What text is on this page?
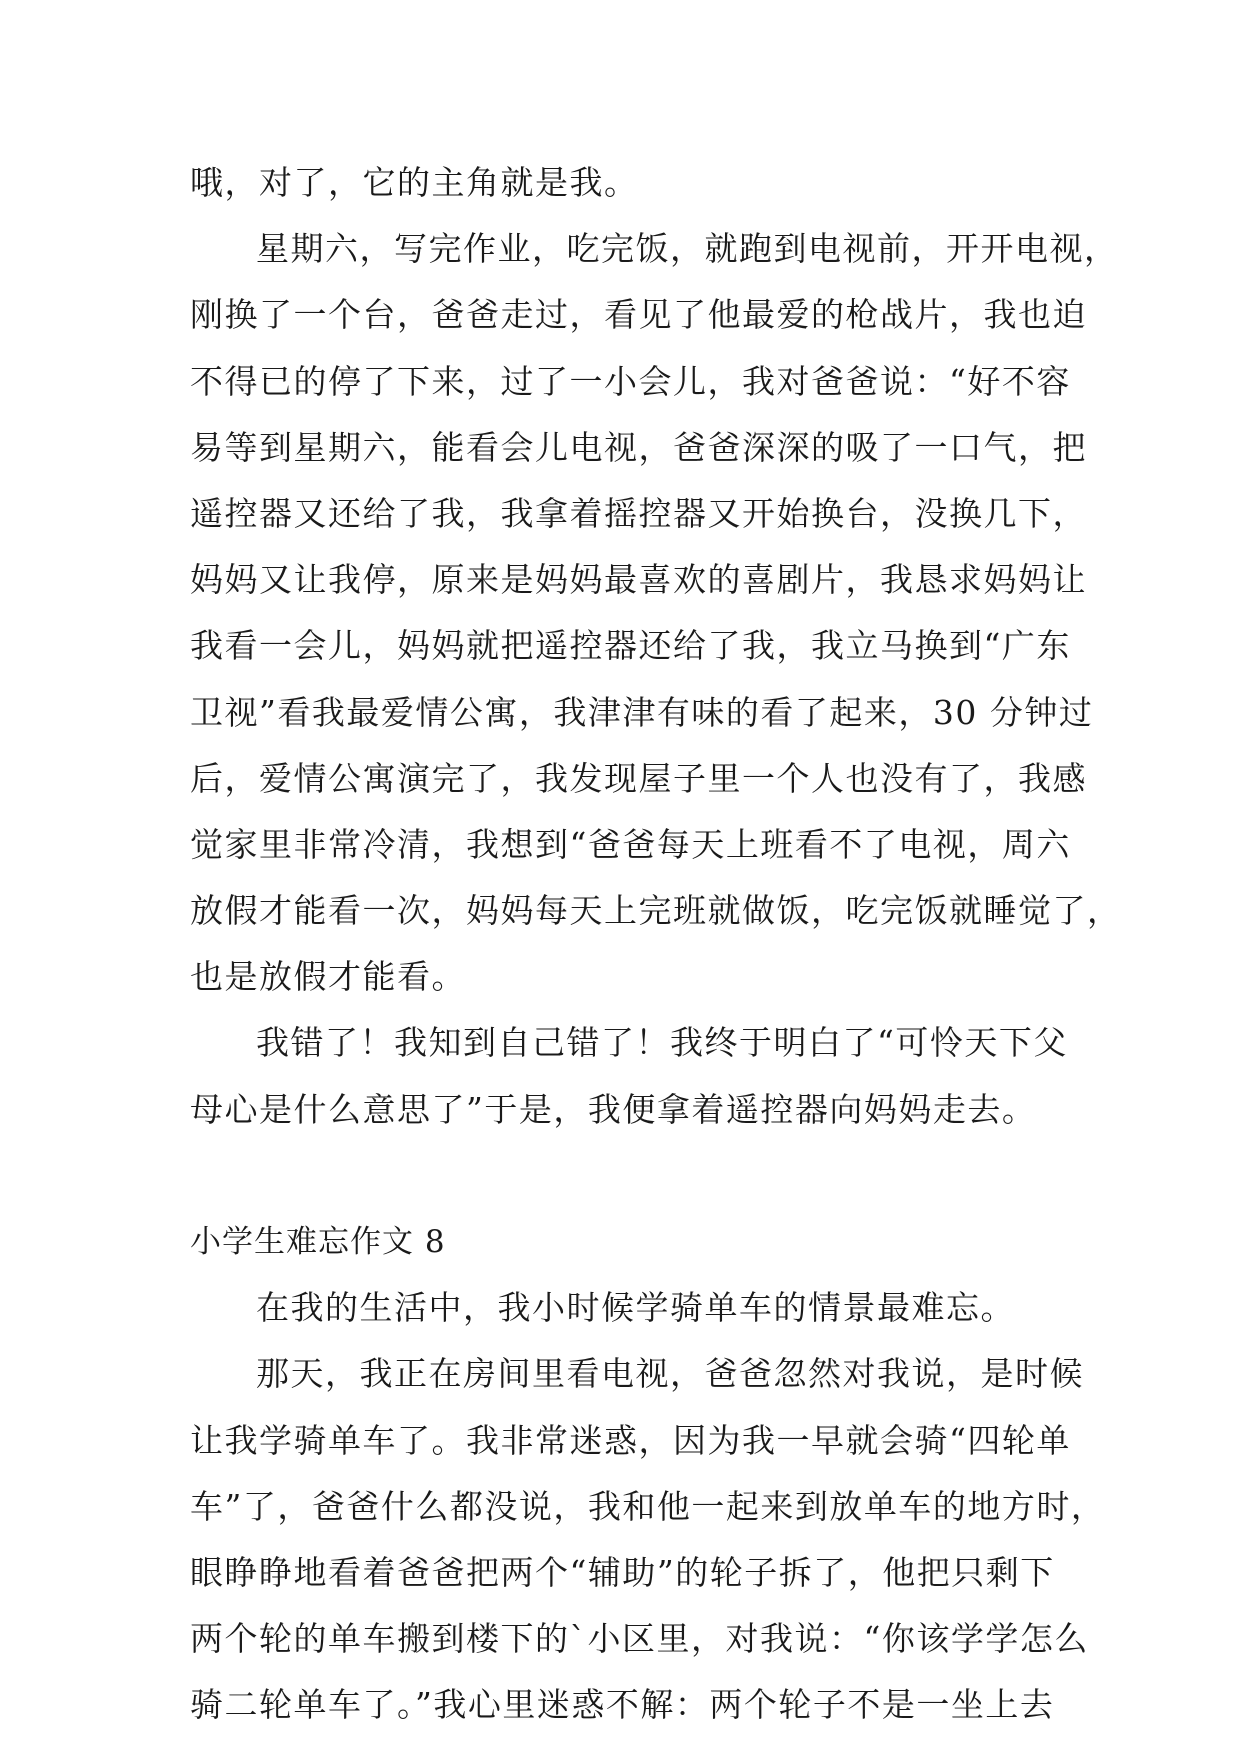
哦，对了，它的主角就是我。
星期六，写完作业，吃完饭，就跑到电视前，开开电视，
刚换了一个台，爸爸走过，看见了他最爱的枪战片，我也迫
不得已的停了下来，过了一小会儿，我对爸爸说：“好不容
易等到星期六，能看会儿电视，爸爸深深的吸了一口气，把
遥控器又还给了我，我拿着摇控器又开始换台，没换几下，
妈妈又让我停，原来是妈妈最喜欢的喜剧片，我恳求妈妈让
我看一会儿，妈妈就把遥控器还给了我，我立马换到“广东
卫视”看我最爱情公寓，我津津有味的看了起来，30 分钟过
后，爱情公寓演完了，我发现屋子里一个人也没有了，我感
觉家里非常冷清，我想到“爸爸每天上班看不了电视，周六
放假才能看一次，妈妈每天上完班就做饭，吃完饭就睡觉了，
也是放假才能看。
我错了！我知到自己错了！我终于明白了“可怜天下父
母心是什么意思了”于是，我便拿着遥控器向妈妈走去。
小学生难忘作文 8
在我的生活中，我小时候学骑单车的情景最难忘。
那天，我正在房间里看电视，爸爸忽然对我说，是时候
让我学骑单车了。我非常迷惑，因为我一早就会骑“四轮单
车”了，爸爸什么都没说，我和他一起来到放单车的地方时，
眼睁睁地看着爸爸把两个“辅助”的轮子拆了，他把只剩下
两个轮的单车搬到楼下的`小区里，对我说：“你该学学怎么
骑二轮单车了。”我心里迷惑不解：两个轮子不是一坐上去
